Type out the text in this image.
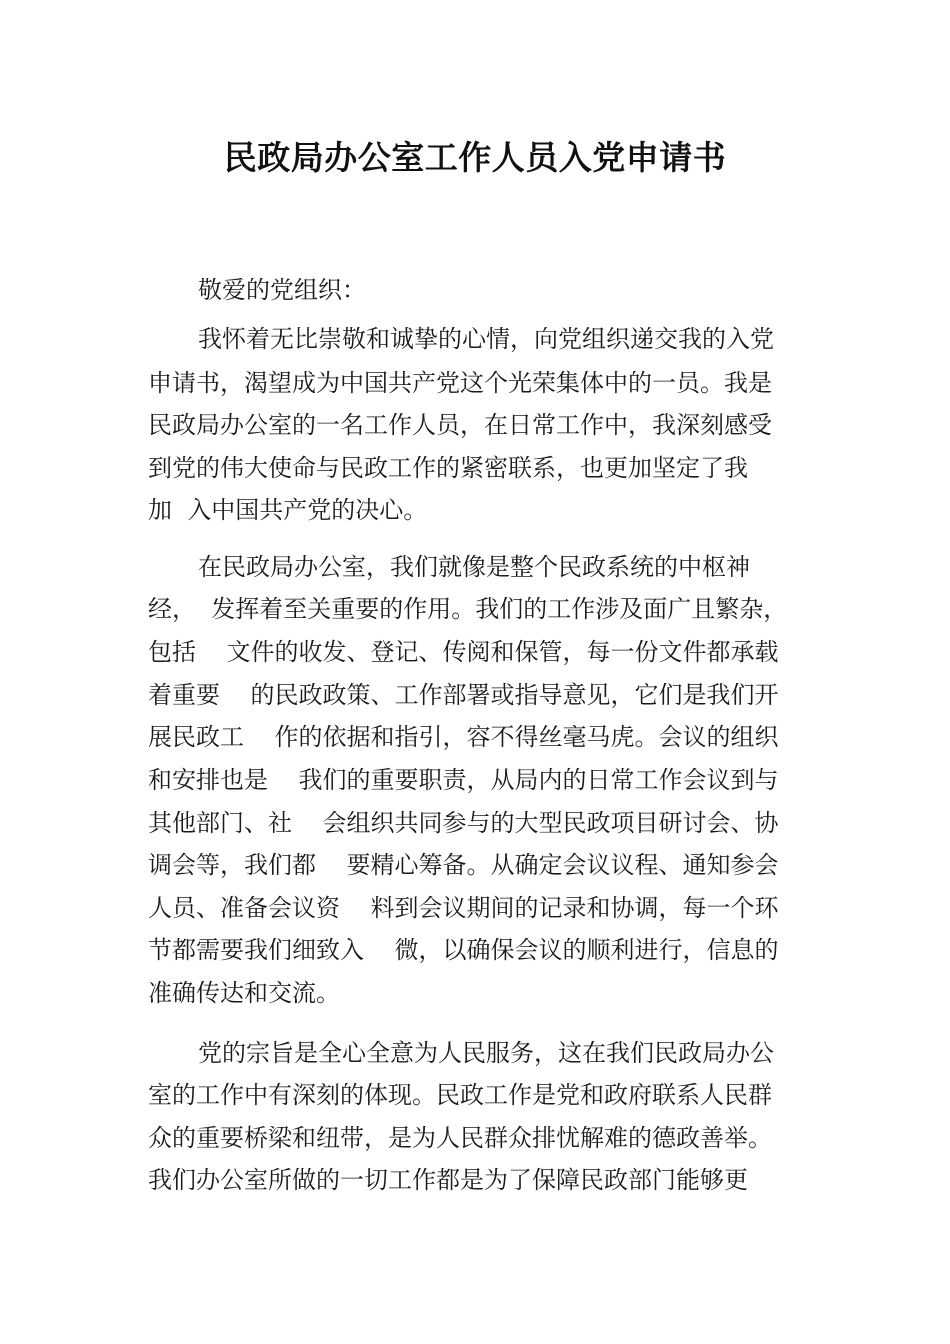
民政局办公室工作人员入党申请书
敬爱的党组织：
我怀着无比崇敬和诚挚的心情，向党组织递交我的入党
申请书，渴望成为中国共产党这个光荣集体中的一员。我是
民政局办公室的一名工作人员，在日常工作中，我深刻感受
到党的伟大使命与民政工作的紧密联系，也更加坚定了我
加  入中国共产党的决心。
在民政局办公室，我们就像是整个民政系统的中枢神
经，  发挥着至关重要的作用。我们的工作涉及面广且繁杂，
包括    文件的收发、登记、传阅和保管，每一份文件都承载
着重要    的民政政策、工作部署或指导意见，它们是我们开
展民政工    作的依据和指引，容不得丝毫马虎。会议的组织
和安排也是    我们的重要职责，从局内的日常工作会议到与
其他部门、社    会组织共同参与的大型民政项目研讨会、协
调会等，我们都    要精心筹备。从确定会议议程、通知参会
人员、准备会议资    料到会议期间的记录和协调，每一个环
节都需要我们细致入    微，以确保会议的顺利进行，信息的
准确传达和交流。
党的宗旨是全心全意为人民服务，这在我们民政局办公
室的工作中有深刻的体现。民政工作是党和政府联系人民群
众的重要桥梁和纽带，是为人民群众排忧解难的德政善举。
我们办公室所做的一切工作都是为了保障民政部门能够更
